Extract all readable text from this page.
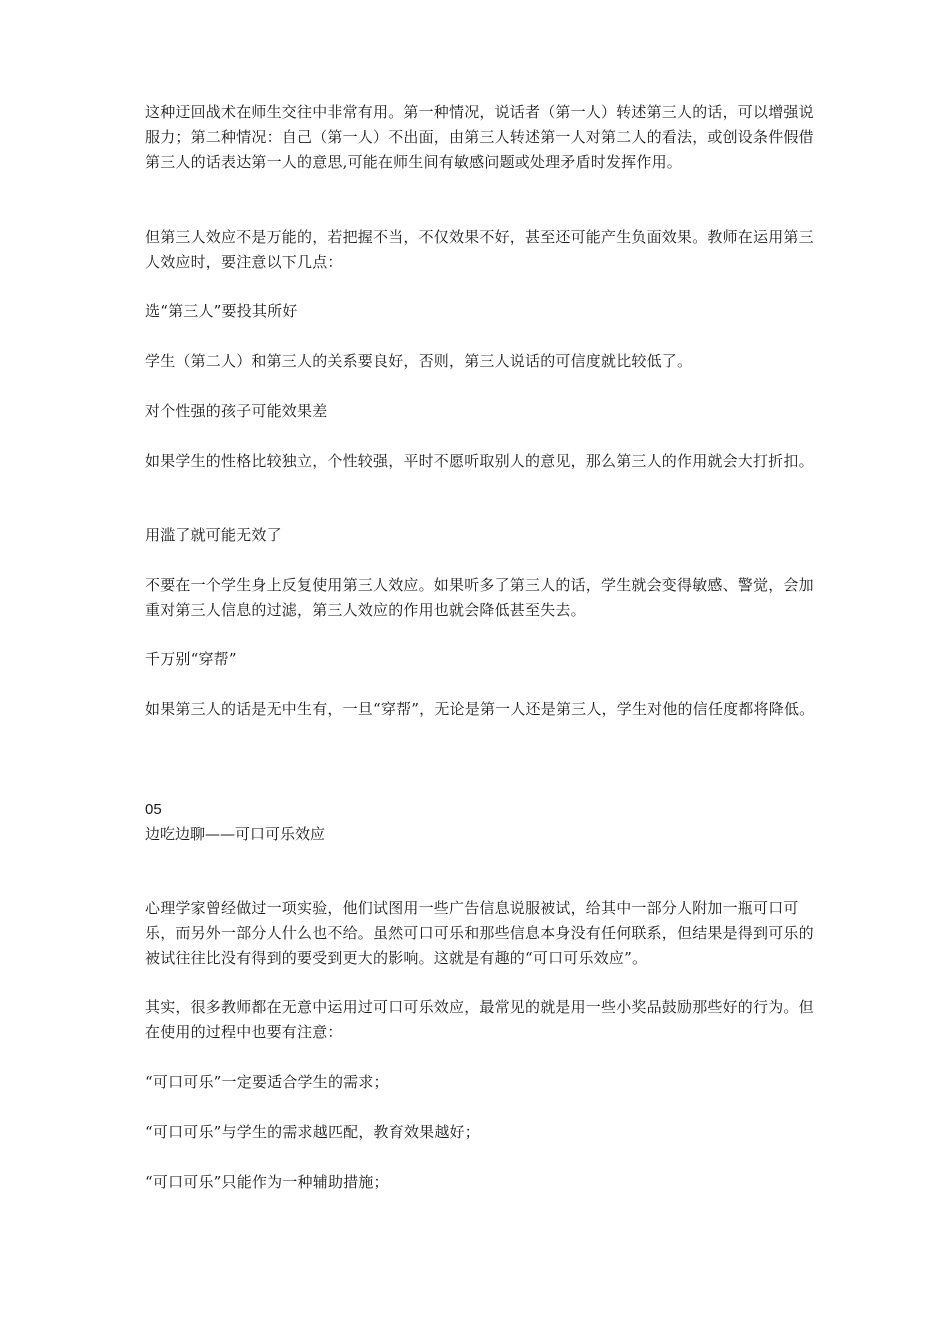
这种迂回战术在师生交往中非常有用。第一种情况，说话者（第一人）转述第三人的话，可以增强说服力；第二种情况：自己（第一人）不出面，由第三人转述第一人对第二人的看法，或创设条件假借第三人的话表达第一人的意思,可能在师生间有敏感问题或处理矛盾时发挥作用。

但第三人效应不是万能的，若把握不当，不仅效果不好，甚至还可能产生负面效果。教师在运用第三人效应时，要注意以下几点：

选“第三人”要投其所好

学生（第二人）和第三人的关系要良好，否则，第三人说话的可信度就比较低了。

对个性强的孩子可能效果差

如果学生的性格比较独立，个性较强，平时不愿听取别人的意见，那么第三人的作用就会大打折扣。

用滥了就可能无效了

不要在一个学生身上反复使用第三人效应。如果听多了第三人的话，学生就会变得敏感、警觉，会加重对第三人信息的过滤，第三人效应的作用也就会降低甚至失去。

千万别“穿帮”

如果第三人的话是无中生有，一旦“穿帮”，无论是第一人还是第三人，学生对他的信任度都将降低。

05

边吃边聊——可口可乐效应

心理学家曾经做过一项实验，他们试图用一些广告信息说服被试，给其中一部分人附加一瓶可口可乐，而另外一部分人什么也不给。虽然可口可乐和那些信息本身没有任何联系，但结果是得到可乐的被试往往比没有得到的要受到更大的影响。这就是有趣的“可口可乐效应”。

其实，很多教师都在无意中运用过可口可乐效应，最常见的就是用一些小奖品鼓励那些好的行为。但在使用的过程中也要有注意：

“可口可乐”一定要适合学生的需求；

“可口可乐”与学生的需求越匹配，教育效果越好；

“可口可乐”只能作为一种辅助措施；
